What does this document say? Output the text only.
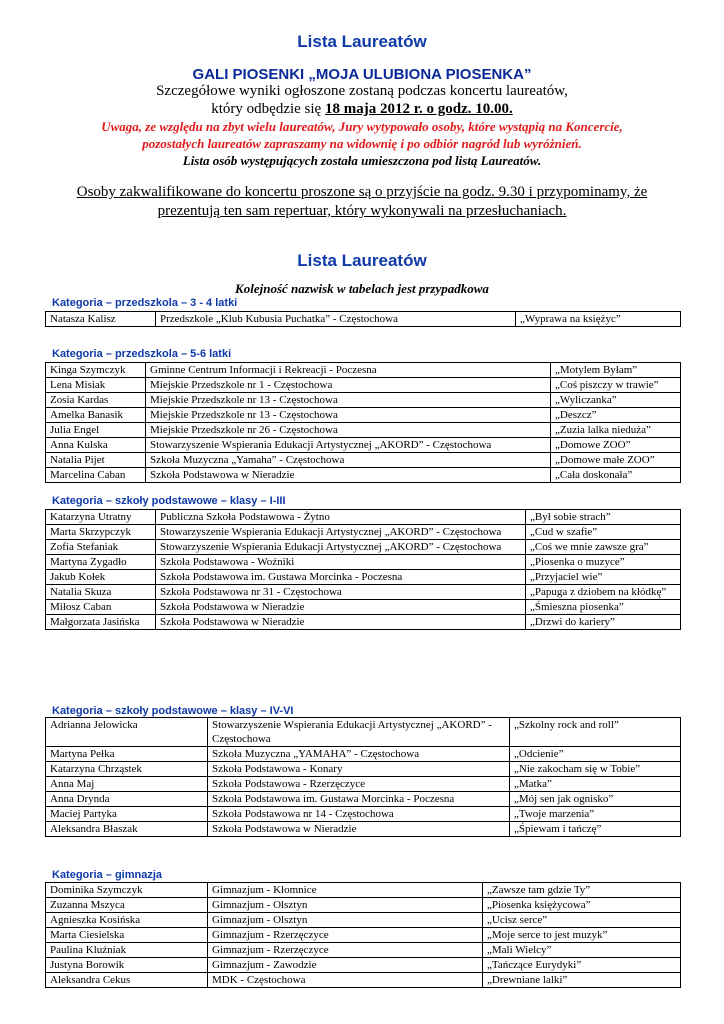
Lista Laureatów
GALI PIOSENKI „MOJA ULUBIONA PIOSENKA”
Szczegółowe wyniki ogłoszone zostaną podczas koncertu laureatów,
który odbędzie się 18 maja 2012 r. o godz. 10.00.
Uwaga, ze względu na zbyt wielu laureatów, Jury wytypowało osoby, które wystąpią na Koncercie,
pozostałych laureatów zapraszamy na widownię i po odbiór nagród lub wyróżnień.
Lista osób występujących została umieszczona pod listą Laureatów.
Osoby zakwalifikowane do koncertu proszone są o przyjście na godz. 9.30 i przypominamy, że
prezentują ten sam repertuar, który wykonywali na przesłuchaniach.
Lista Laureatów
Kolejność nazwisk w tabelach jest przypadkowa
Kategoria – przedszkola – 3 - 4 latki
Natasza Kalisz	Przedszkole „Klub Kubusia Puchatka” - Częstochowa	„Wyprawa na księżyc”
Kategoria – przedszkola – 5-6 latki
Kinga Szymczyk	Gminne Centrum Informacji i Rekreacji - Poczesna	„Motylem Byłam”
Lena Misiak	Miejskie Przedszkole nr 1 - Częstochowa	„Coś piszczy w trawie”
Zosia Kardas	Miejskie Przedszkole nr 13 - Częstochowa	„Wyliczanka”
Amelka Banasik	Miejskie Przedszkole nr 13 - Częstochowa	„Deszcz”
Julia Engel	Miejskie Przedszkole nr 26 - Częstochowa	„Zuzia lalka nieduża”
Anna Kulska	Stowarzyszenie Wspierania Edukacji Artystycznej „AKORD” - Częstochowa	„Domowe ZOO”
Natalia Pijet	Szkoła Muzyczna „Yamaha” - Częstochowa	„Domowe małe ZOO”
Marcelina Caban	Szkoła Podstawowa w Nieradzie	„Cała doskonała”
Kategoria – szkoły podstawowe – klasy – I-III
Katarzyna Utratny	Publiczna Szkoła Podstawowa - Żytno	„Był sobie strach”
Marta Skrzypczyk	Stowarzyszenie Wspierania Edukacji Artystycznej „AKORD” - Częstochowa	„Cud w szafie”
Zofia Stefaniak	Stowarzyszenie Wspierania Edukacji Artystycznej „AKORD” - Częstochowa	„Coś we mnie zawsze gra”
Martyna Zygadło	Szkoła Podstawowa - Woźniki	„Piosenka o muzyce”
Jakub Kołek	Szkoła Podstawowa im. Gustawa Morcinka - Poczesna	„Przyjaciel wie”
Natalia Skuza	Szkoła Podstawowa nr 31 - Częstochowa	„Papuga z dziobem na kłódkę”
Miłosz Caban	Szkoła Podstawowa w Nieradzie	„Śmieszna piosenka”
Małgorzata Jasińska	Szkoła Podstawowa w Nieradzie	„Drzwi do kariery”
Kategoria – szkoły podstawowe – klasy – IV-VI
Adrianna Jelowicka	Stowarzyszenie Wspierania Edukacji Artystycznej „AKORD” - Częstochowa	„Szkolny rock and roll”
Martyna Pełka	Szkoła Muzyczna „YAMAHA” - Częstochowa	„Odcienie”
Katarzyna Chrząstek	Szkoła Podstawowa - Konary	„Nie zakocham się w Tobie”
Anna Maj	Szkoła Podstawowa - Rzerzęczyce	„Matka”
Anna Drynda	Szkoła Podstawowa im. Gustawa Morcinka - Poczesna	„Mój sen jak ognisko”
Maciej Partyka	Szkoła Podstawowa nr 14 - Częstochowa	„Twoje marzenia”
Aleksandra Błaszak	Szkoła Podstawowa w Nieradzie	„Śpiewam i tańczę”
Kategoria – gimnazja
Dominika Szymczyk	Gimnazjum - Kłomnice	„Zawsze tam gdzie Ty”
Zuzanna Mszyca	Gimnazjum - Olsztyn	„Piosenka księżycowa”
Agnieszka Kosińska	Gimnazjum - Olsztyn	„Ucisz serce”
Marta Ciesielska	Gimnazjum - Rzerzęczyce	„Moje serce to jest muzyk”
Paulina Kluźniak	Gimnazjum - Rzerzęczyce	„Mali Wielcy”
Justyna Borowik	Gimnazjum - Zawodzie	„Tańczące Eurydyki”
Aleksandra Cekus	MDK - Częstochowa	„Drewniane lalki”
